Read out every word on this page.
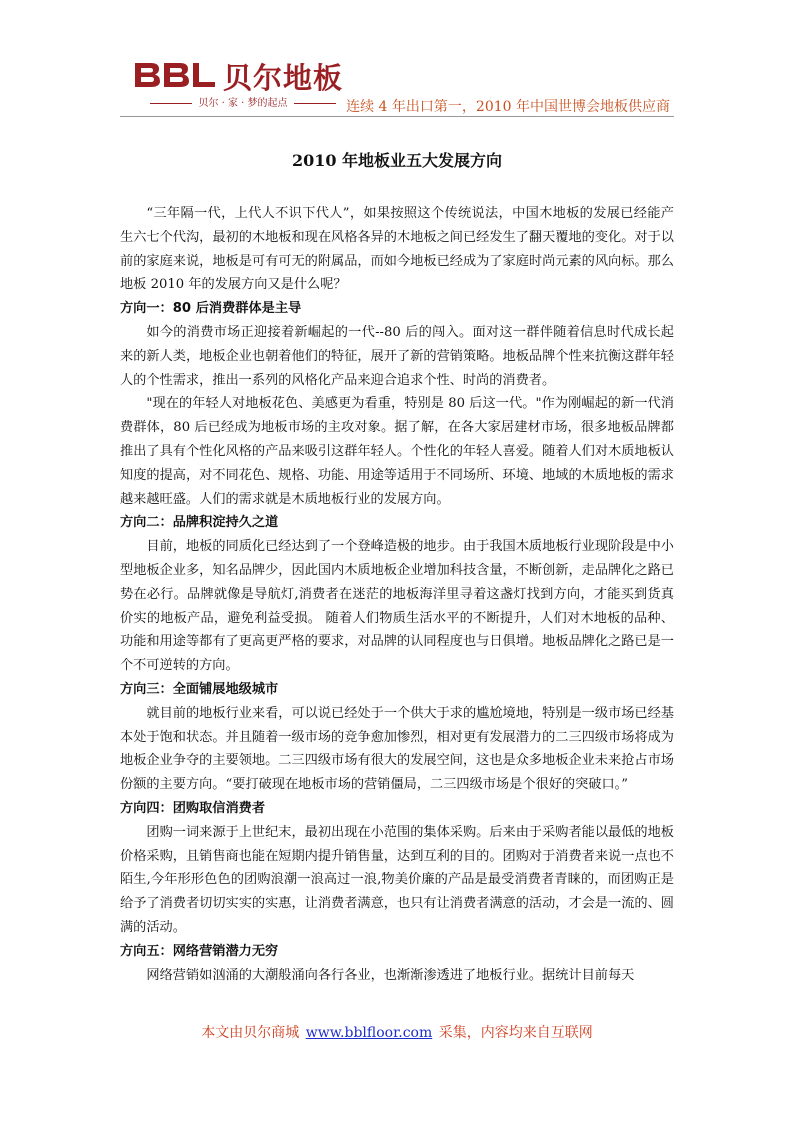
贝尔地板
贝尔 · 家 · 梦的起点	连续 4 年出口第一，2010 年中国世博会地板供应商
2010 年地板业五大发展方向

“三年隔一代，上代人不识下代人”，如果按照这个传统说法，中国木地板的发展已经能产生六七个代沟，最初的木地板和现在风格各异的木地板之间已经发生了翻天覆地的变化。对于以前的家庭来说，地板是可有可无的附属品，而如今地板已经成为了家庭时尚元素的风向标。那么地板 2010 年的发展方向又是什么呢？

方向一：80 后消费群体是主导

如今的消费市场正迎接着新崛起的一代--80 后的闯入。面对这一群伴随着信息时代成长起来的新人类，地板企业也朝着他们的特征，展开了新的营销策略。地板品牌个性来抗衡这群年轻人的个性需求，推出一系列的风格化产品来迎合追求个性、时尚的消费者。

"现在的年轻人对地板花色、美感更为看重，特别是 80 后这一代。"作为刚崛起的新一代消费群体，80 后已经成为地板市场的主攻对象。据了解，在各大家居建材市场，很多地板品牌都推出了具有个性化风格的产品来吸引这群年轻人。个性化的年轻人喜爱。随着人们对木质地板认知度的提高，对不同花色、规格、功能、用途等适用于不同场所、环境、地域的木质地板的需求越来越旺盛。人们的需求就是木质地板行业的发展方向。

方向二：品牌积淀持久之道

目前，地板的同质化已经达到了一个登峰造极的地步。由于我国木质地板行业现阶段是中小型地板企业多，知名品牌少，因此国内木质地板企业增加科技含量，不断创新，走品牌化之路已势在必行。品牌就像是导航灯,消费者在迷茫的地板海洋里寻着这盏灯找到方向，才能买到货真价实的地板产品，避免利益受损。 随着人们物质生活水平的不断提升，人们对木地板的品种、功能和用途等都有了更高更严格的要求，对品牌的认同程度也与日俱增。地板品牌化之路已是一个不可逆转的方向。

方向三：全面铺展地级城市

就目前的地板行业来看，可以说已经处于一个供大于求的尴尬境地，特别是一级市场已经基本处于饱和状态。并且随着一级市场的竞争愈加惨烈，相对更有发展潜力的二三四级市场将成为地板企业争夺的主要领地。二三四级市场有很大的发展空间，这也是众多地板企业未来抢占市场份额的主要方向。“要打破现在地板市场的营销僵局，二三四级市场是个很好的突破口。”

方向四：团购取信消费者

团购一词来源于上世纪末，最初出现在小范围的集体采购。后来由于采购者能以最低的地板价格采购，且销售商也能在短期内提升销售量，达到互利的目的。团购对于消费者来说一点也不陌生,今年形形色色的团购浪潮一浪高过一浪,物美价廉的产品是最受消费者青睐的，而团购正是给予了消费者切切实实的实惠，让消费者满意，也只有让消费者满意的活动，才会是一流的、圆满的活动。

方向五：网络营销潜力无穷

网络营销如汹涌的大潮般涌向各行各业，也渐渐渗透进了地板行业。据统计目前每天

本文由贝尔商城 www.bblfloor.com 采集，内容均来自互联网
